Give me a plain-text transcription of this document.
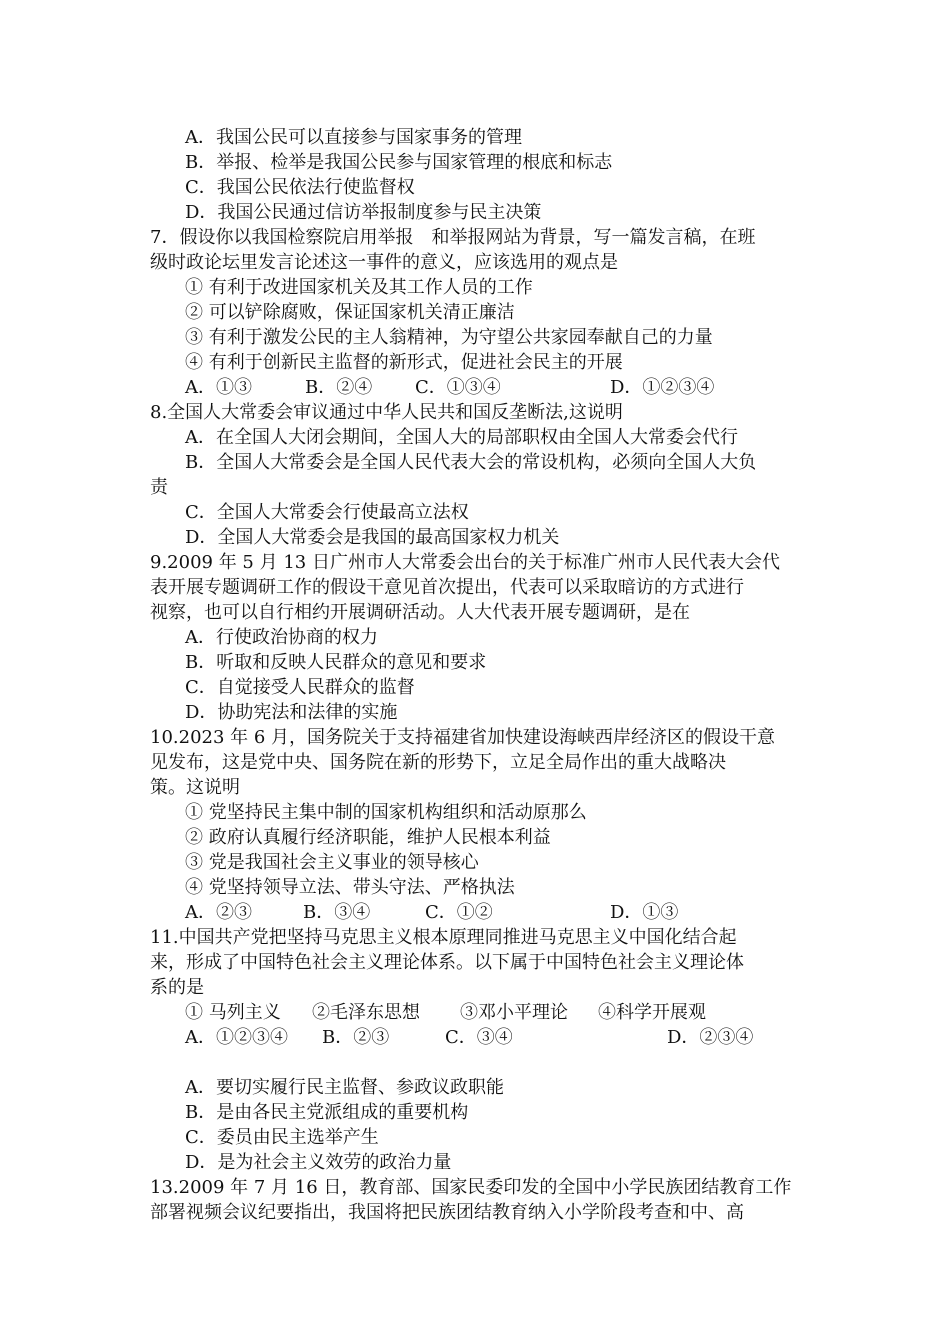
A．我国公民可以直接参与国家事务的管理
B．举报、检举是我国公民参与国家管理的根底和标志
C．我国公民依法行使监督权
D．我国公民通过信访举报制度参与民主决策
7．假设你以我国检察院启用举报　和举报网站为背景，写一篇发言稿，在班
级时政论坛里发言论述这一事件的意义，应该选用的观点是
① 有利于改进国家机关及其工作人员的工作
② 可以铲除腐败，保证国家机关清正廉洁
③ 有利于激发公民的主人翁精神，为守望公共家园奉献自己的力量
④ 有利于创新民主监督的新形式，促进社会民主的开展

A．①③

	B．②④

C．①③④

	D．①②③④

8.全国人大常委会审议通过中华人民共和国反垄断法,这说明
A．在全国人大闭会期间，全国人大的局部职权由全国人大常委会代行
B．全国人大常委会是全国人民代表大会的常设机构，必须向全国人大负
责
C．全国人大常委会行使最高立法权
D．全国人大常委会是我国的最高国家权力机关
9.2009 年 5 月 13 日广州市人大常委会出台的关于标准广州市人民代表大会代
表开展专题调研工作的假设干意见首次提出，代表可以采取暗访的方式进行
视察，也可以自行相约开展调研活动。人大代表开展专题调研，是在
A．行使政治协商的权力
B．听取和反映人民群众的意见和要求
C．自觉接受人民群众的监督
D．协助宪法和法律的实施
10.2023 年 6 月，国务院关于支持福建省加快建设海峡西岸经济区的假设干意
见发布，这是党中央、国务院在新的形势下，立足全局作出的重大战略决
策。这说明
① 党坚持民主集中制的国家机构组织和活动原那么
② 政府认真履行经济职能，维护人民根本利益
③ 党是我国社会主义事业的领导核心
④ 党坚持领导立法、带头守法、严格执法

A．②③

	B．③④

	C．①②

	D．①③

11.中国共产党把坚持马克思主义根本原理同推进马克思主义中国化结合起
来，形成了中国特色社会主义理论体系。以下属于中国特色社会主义理论体
系的是

① 马列主义

②毛泽东思想

③邓小平理论

④科学开展观

A．①②③④

B．②③

	C．③④

	D．②③④

A．要切实履行民主监督、参政议政职能
B．是由各民主党派组成的重要机构
C．委员由民主选举产生
D．是为社会主义效劳的政治力量
13.2009 年 7 月 16 日，教育部、国家民委印发的全国中小学民族团结教育工作
部署视频会议纪要指出，我国将把民族团结教育纳入小学阶段考查和中、高
